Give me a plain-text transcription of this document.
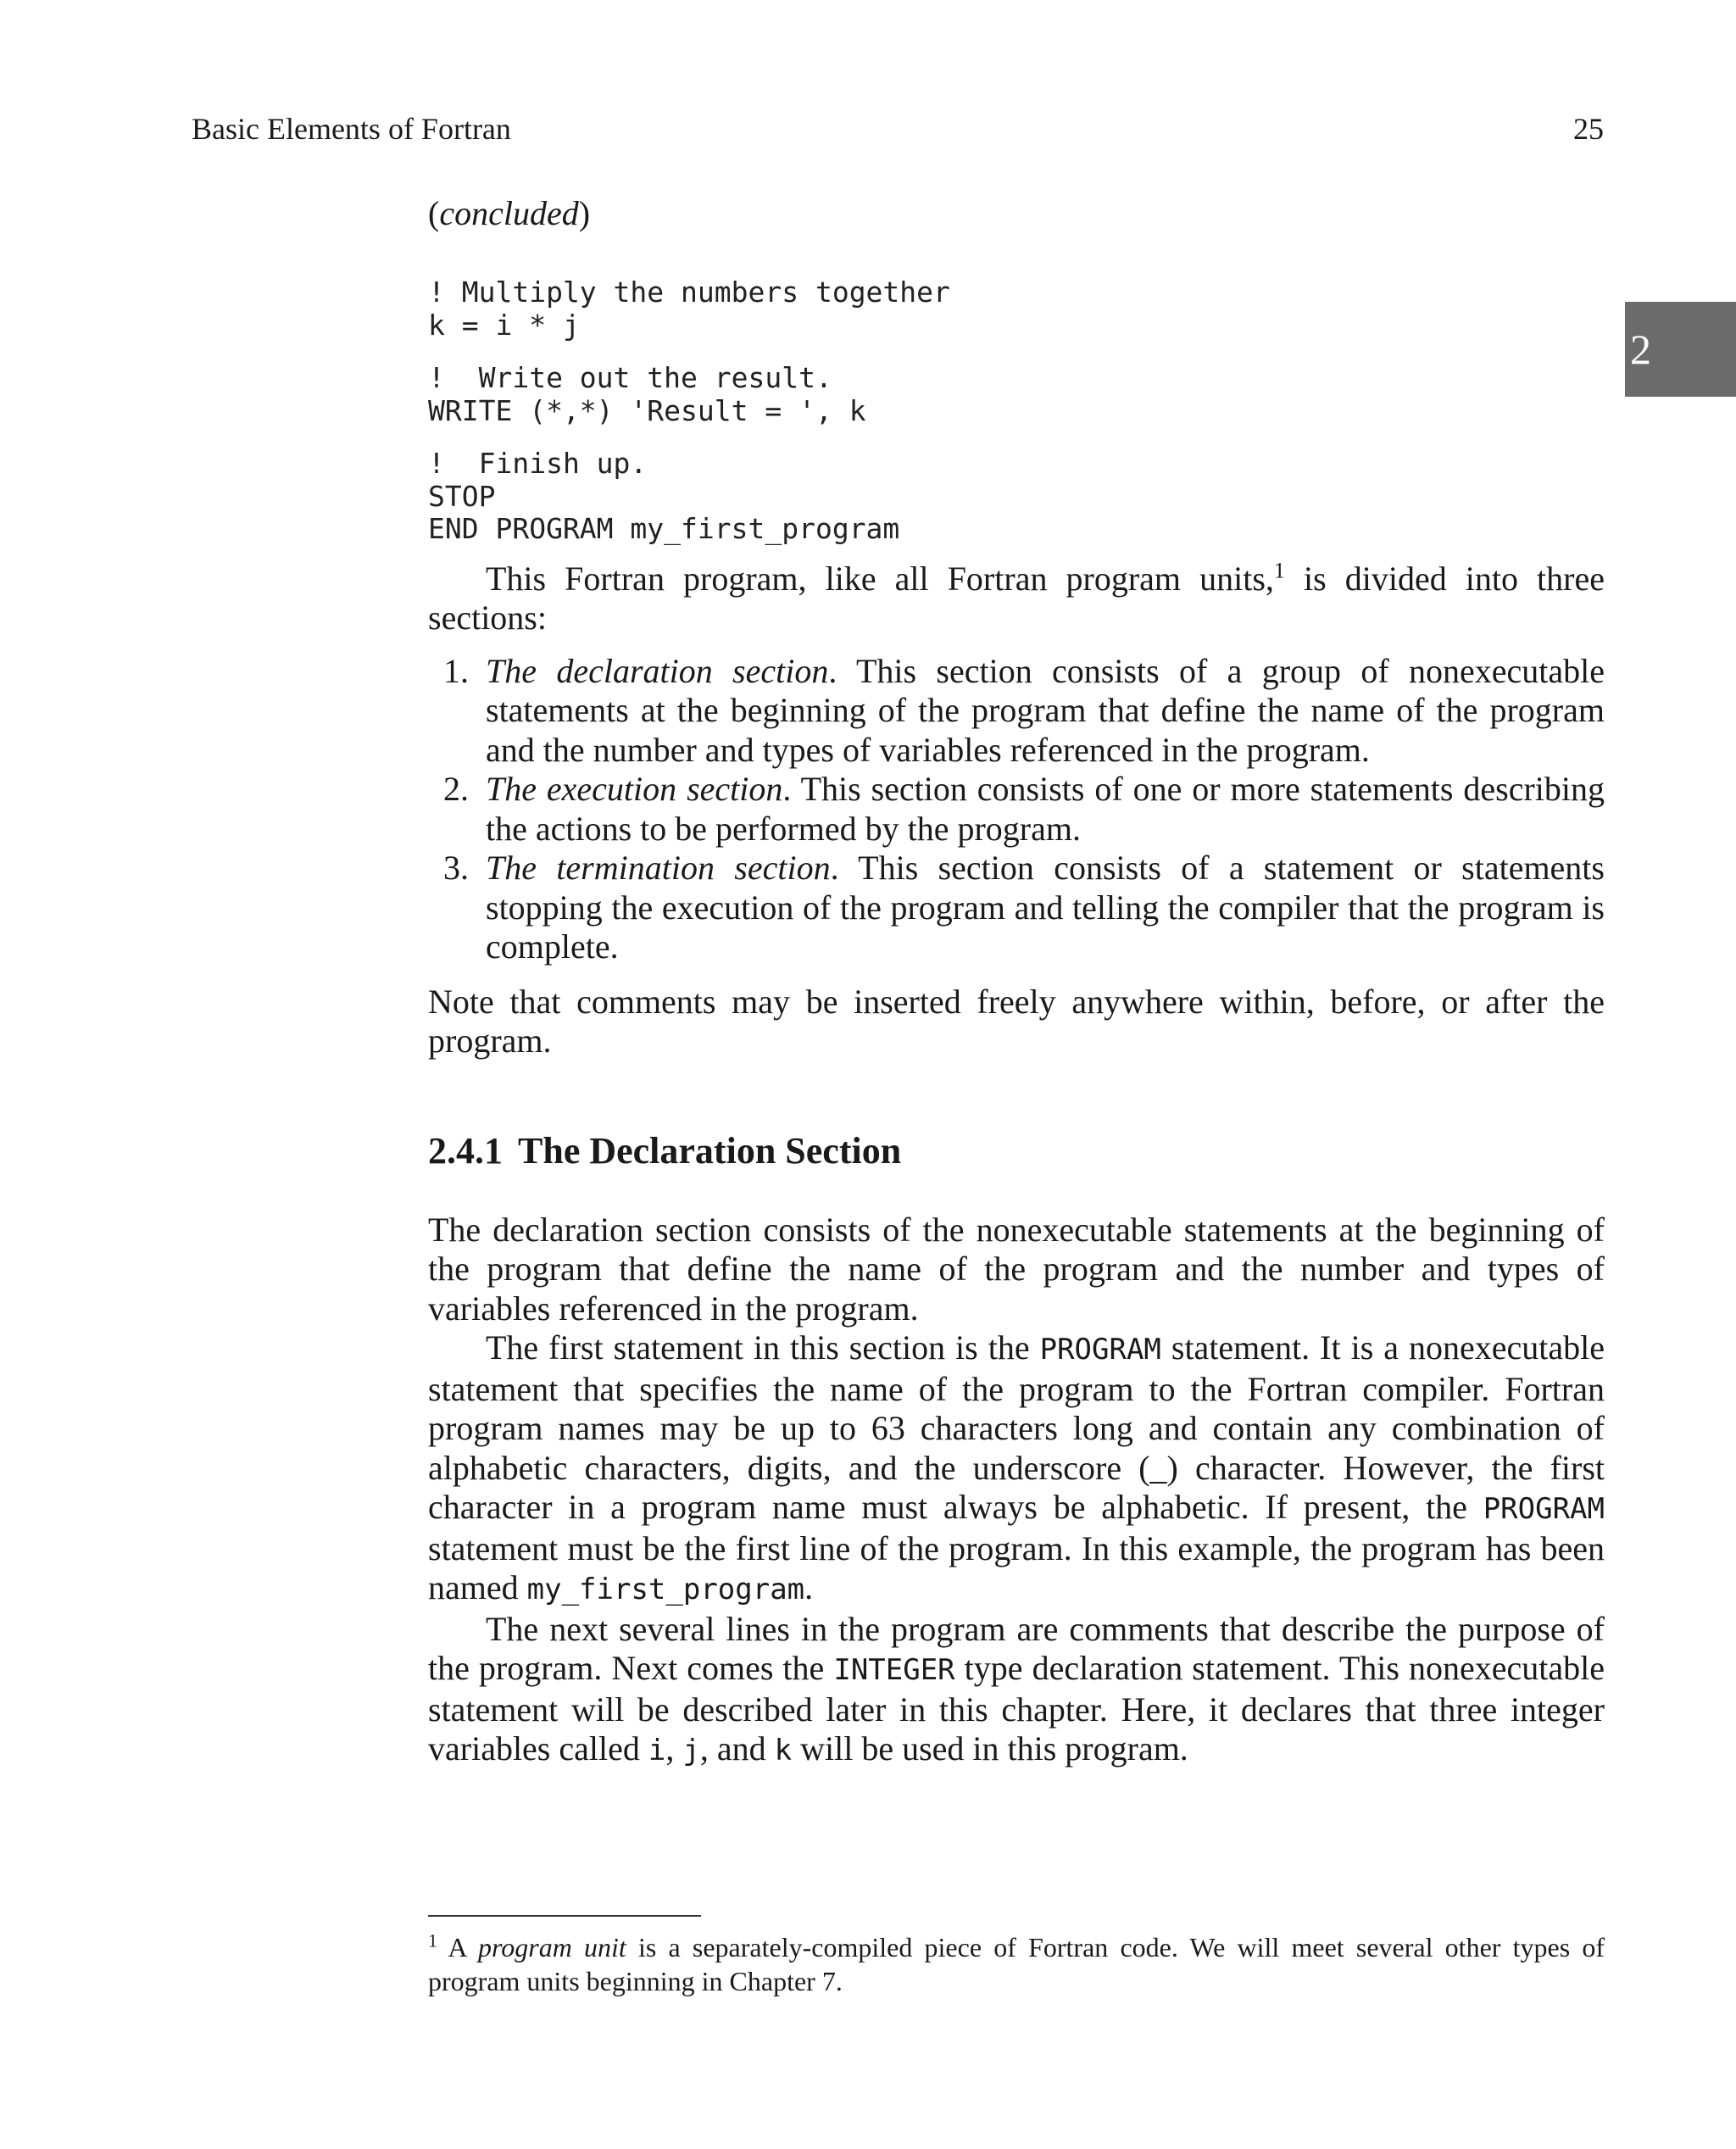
Basic Elements of Fortran	25
2
(concluded)
! Multiply the numbers together
k = i * j
!  Write out the result.
WRITE (*,*) 'Result = ', k
!  Finish up.
STOP
END PROGRAM my_first_program

This Fortran program, like all Fortran program units,$^1$ is divided into three sections:

1. The declaration section. This section consists of a group of nonexecutable statements at the beginning of the program that define the name of the program and the number and types of variables referenced in the program.
2. The execution section. This section consists of one or more statements describing the actions to be performed by the program.
3. The termination section. This section consists of a statement or statements stopping the execution of the program and telling the compiler that the program is complete.

Note that comments may be inserted freely anywhere within, before, or after the program.

2.4.1 The Declaration Section

The declaration section consists of the nonexecutable statements at the beginning of the program that define the name of the program and the number and types of variables referenced in the program.

The first statement in this section is the PROGRAM statement. It is a nonexecutable statement that specifies the name of the program to the Fortran compiler. Fortran program names may be up to 63 characters long and contain any combination of alphabetic characters, digits, and the underscore (_) character. However, the first character in a program name must always be alphabetic. If present, the PROGRAM statement must be the first line of the program. In this example, the program has been named my_first_program.

The next several lines in the program are comments that describe the purpose of the program. Next comes the INTEGER type declaration statement. This nonexecutable statement will be described later in this chapter. Here, it declares that three integer variables called i, j, and k will be used in this program.

$^1$ A program unit is a separately-compiled piece of Fortran code. We will meet several other types of program units beginning in Chapter 7.
